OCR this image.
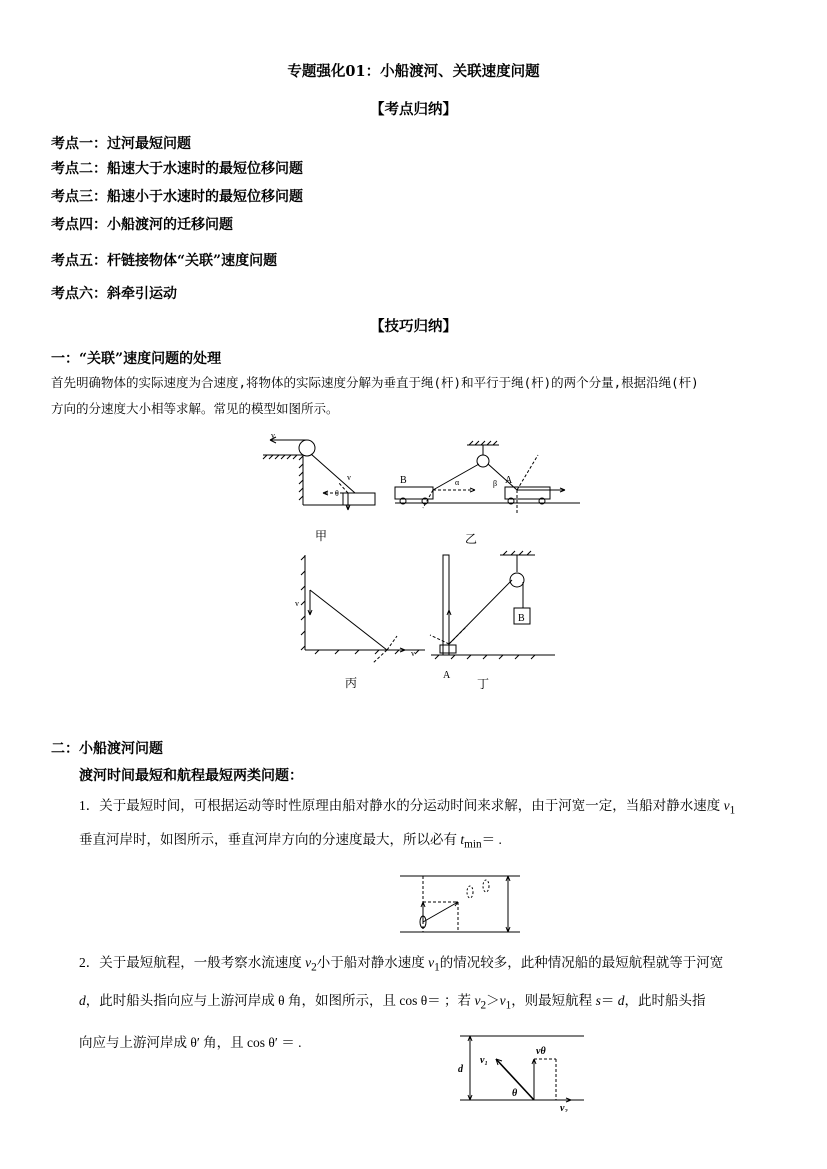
专题强化01：小船渡河、关联速度问题
【考点归纳】
考点一：过河最短问题
考点二：船速大于水速时的最短位移问题
考点三：船速小于水速时的最短位移问题
考点四：小船渡河的迁移问题
考点五：杆链接物体“关联”速度问题
考点六：斜牵引运动
【技巧归纳】
一：“关联”速度问题的处理
首先明确物体的实际速度为合速度,将物体的实际速度分解为垂直于绳(杆)和平行于绳(杆)的两个分量,根据沿绳(杆)
方向的分速度大小相等求解。常见的模型如图所示。
v
v
θ
B	A
α	β
A
B
v
v
甲	乙
丙	丁
二：小船渡河问题
渡河时间最短和航程最短两类问题：
1．关于最短时间，可根据运动等时性原理由船对静水的分运动时间来求解，由于河宽一定，当船对静水速度 $v_1$
垂直河岸时，如图所示，垂直河岸方向的分速度最大，所以必有 $t_{min}=$ .
2．关于最短航程，一般考察水流速度 $v_2$小于船对静水速度 $v_1$的情况较多，此种情况船的最短航程就等于河宽
d，此时船头指向应与上游河岸成 θ 角，如图所示，且 cos θ＝ ；若 $v_2>v_1$，则最短航程 s＝ d，此时船头指
向应与上游河岸成 θ′ 角，且 cos θ′ ＝ .
d
v₁
vθ
θ
v₂
